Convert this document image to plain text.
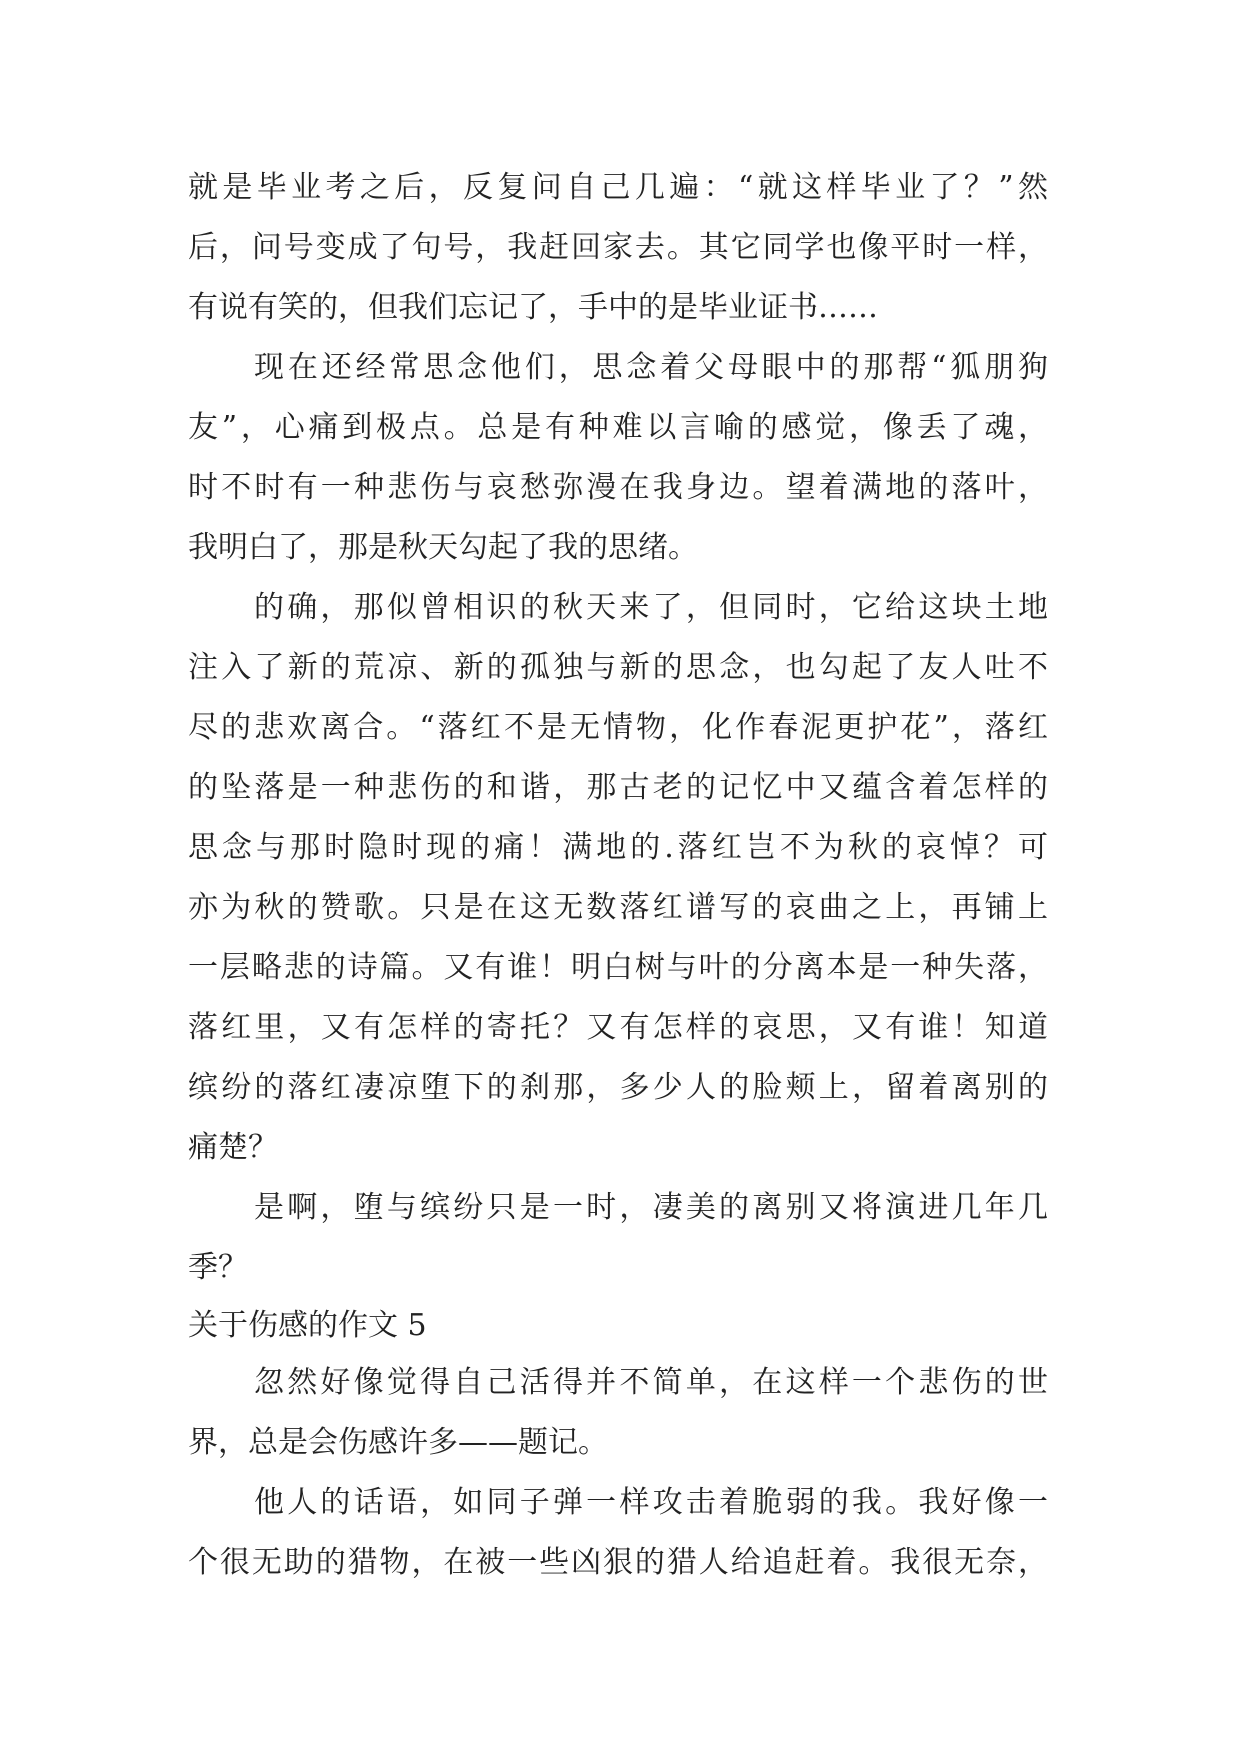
就是毕业考之后，反复问自己几遍：“就这样毕业了？”然
后，问号变成了句号，我赶回家去。其它同学也像平时一样，
有说有笑的，但我们忘记了，手中的是毕业证书……
现在还经常思念他们，思念着父母眼中的那帮“狐朋狗
友”，心痛到极点。总是有种难以言喻的感觉，像丢了魂，
时不时有一种悲伤与哀愁弥漫在我身边。望着满地的落叶，
我明白了，那是秋天勾起了我的思绪。
的确，那似曾相识的秋天来了，但同时，它给这块土地
注入了新的荒凉、新的孤独与新的思念，也勾起了友人吐不
尽的悲欢离合。“落红不是无情物，化作春泥更护花”，落红
的坠落是一种悲伤的和谐，那古老的记忆中又蕴含着怎样的
思念与那时隐时现的痛！满地的.落红岂不为秋的哀悼？可
亦为秋的赞歌。只是在这无数落红谱写的哀曲之上，再铺上
一层略悲的诗篇。又有谁！明白树与叶的分离本是一种失落，
落红里，又有怎样的寄托？又有怎样的哀思，又有谁！知道
缤纷的落红凄凉堕下的刹那，多少人的脸颊上，留着离别的
痛楚？
是啊，堕与缤纷只是一时，凄美的离别又将演进几年几
季？
关于伤感的作文 5
忽然好像觉得自己活得并不简单，在这样一个悲伤的世
界，总是会伤感许多——题记。
他人的话语，如同子弹一样攻击着脆弱的我。我好像一
个很无助的猎物，在被一些凶狠的猎人给追赶着。我很无奈，
